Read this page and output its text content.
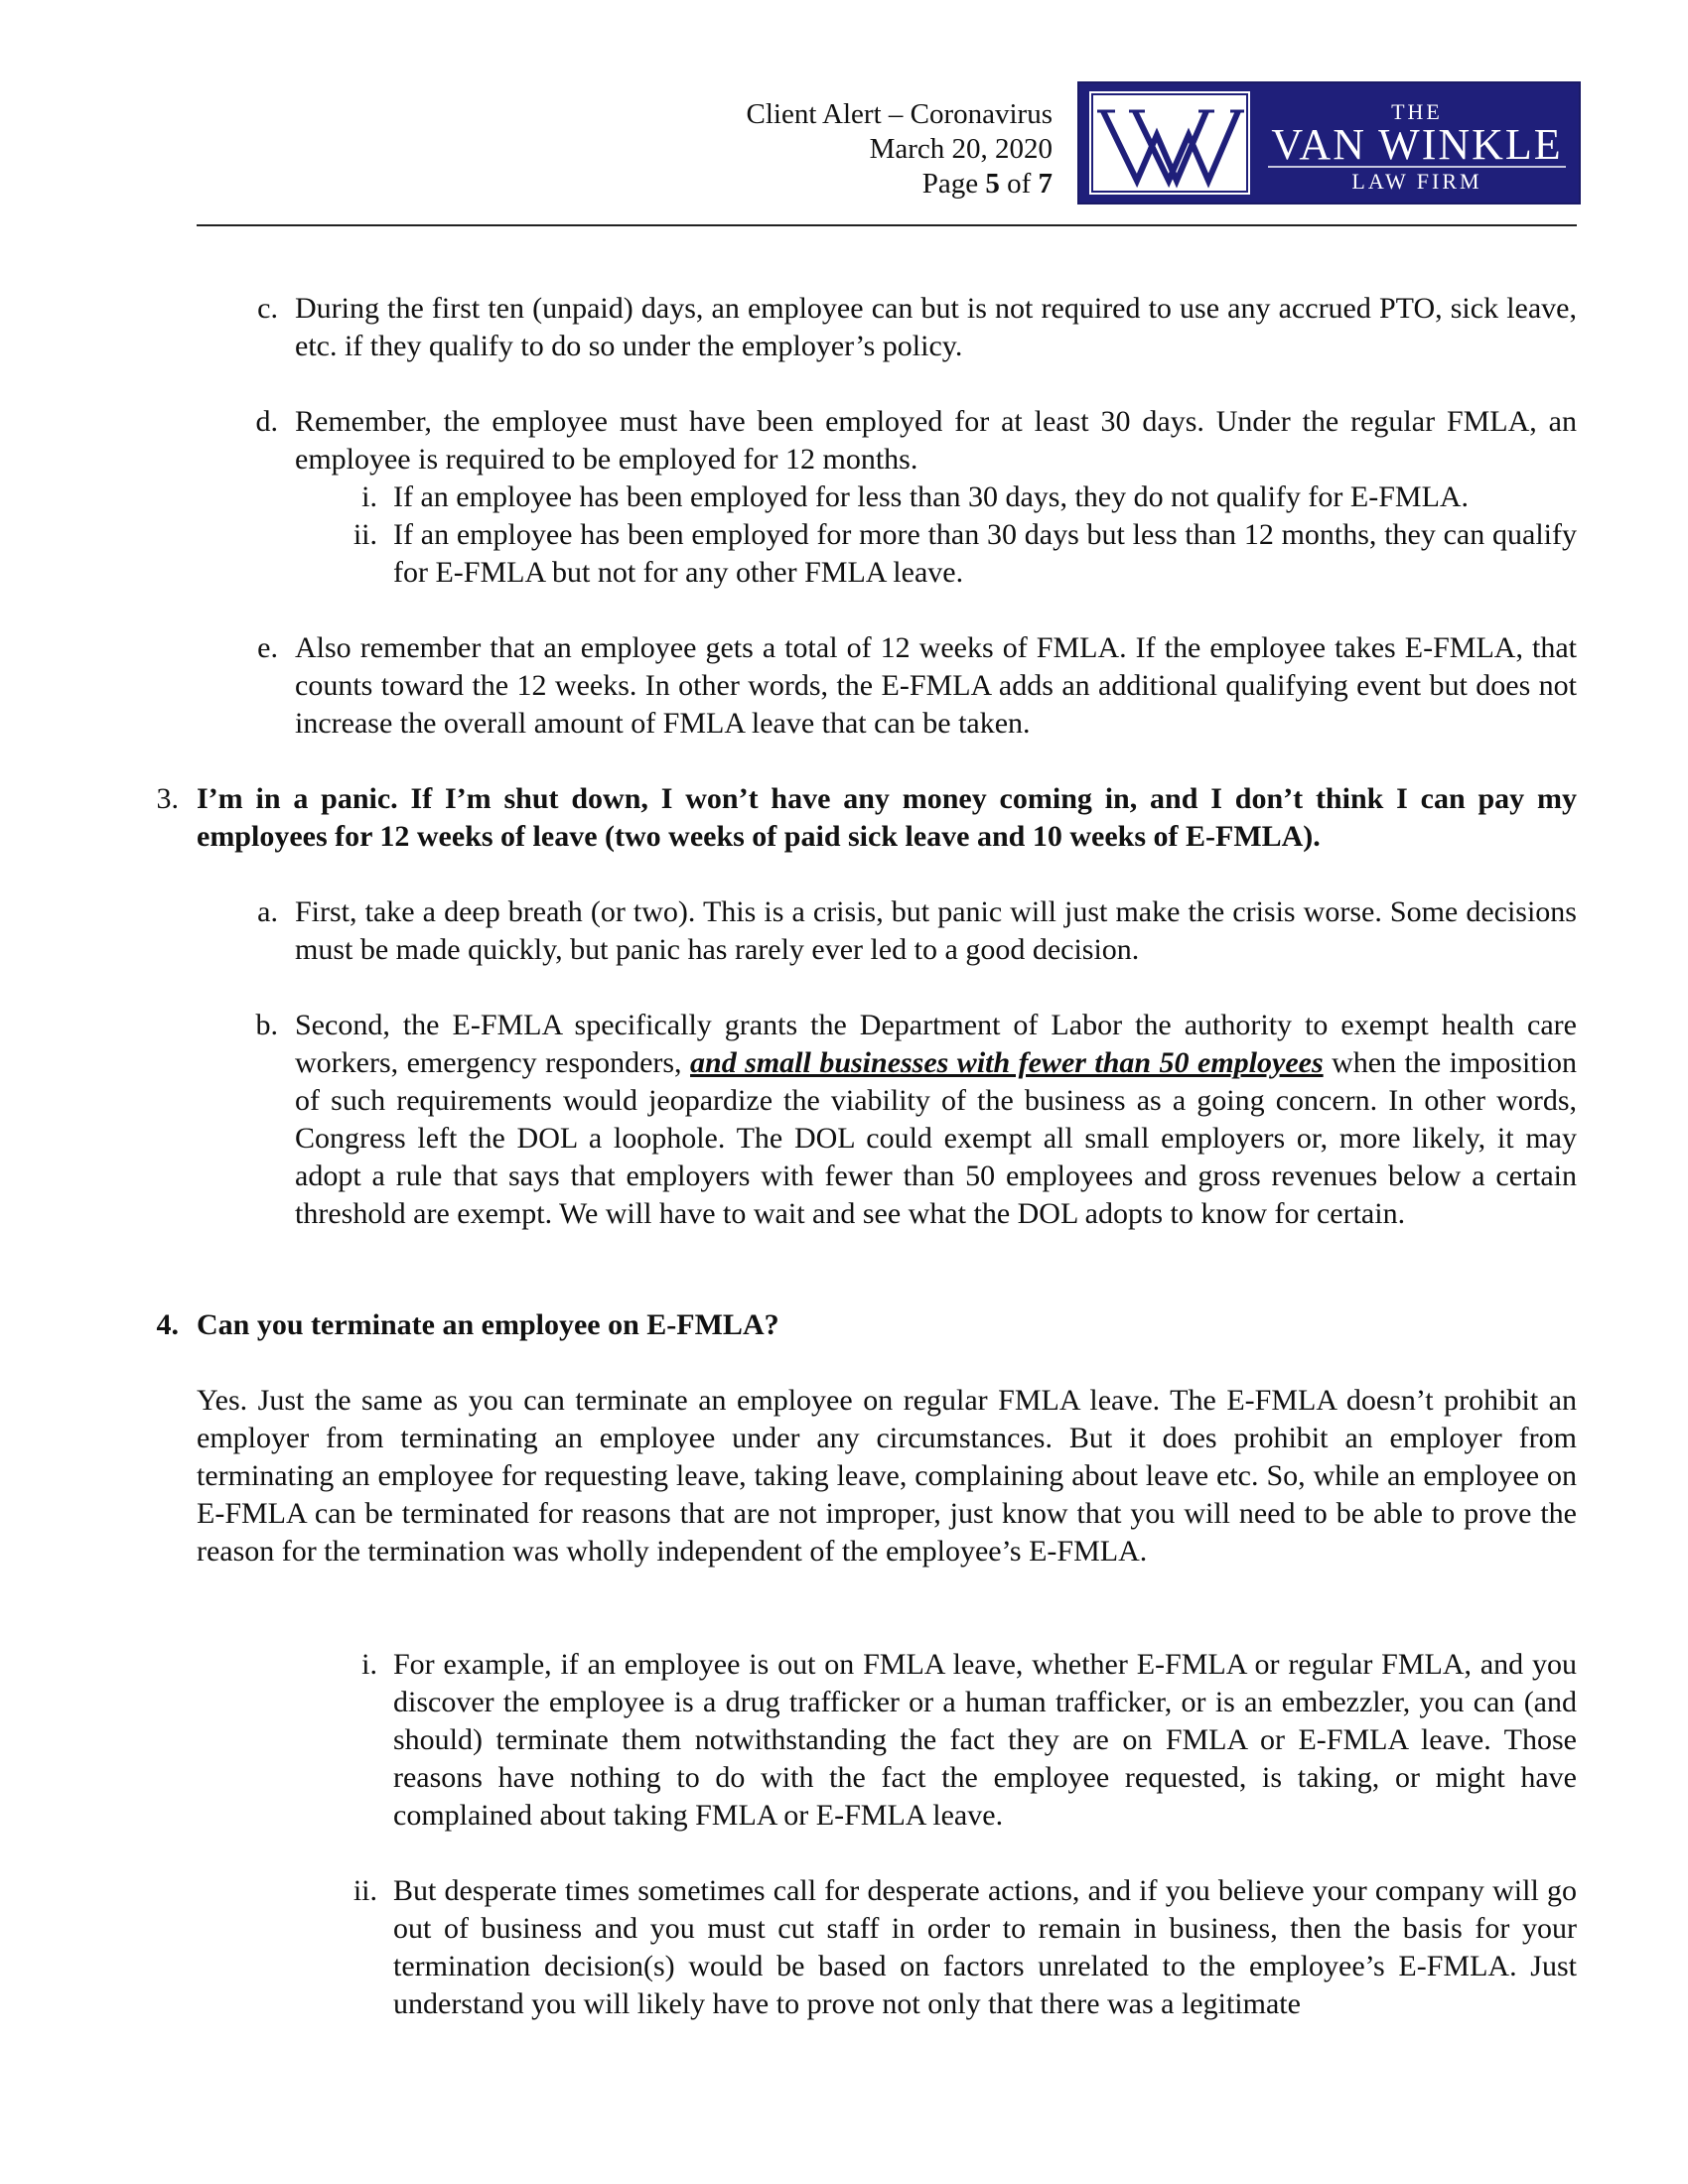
Client Alert – Coronavirus
March 20, 2020
Page 5 of 7
THE
VAN WINKLE
LAW FIRM
c. During the first ten (unpaid) days, an employee can but is not required to use any accrued PTO, sick leave, etc. if they qualify to do so under the employer’s policy.
d. Remember, the employee must have been employed for at least 30 days. Under the regular FMLA, an employee is required to be employed for 12 months.
i. If an employee has been employed for less than 30 days, they do not qualify for E-FMLA.
ii. If an employee has been employed for more than 30 days but less than 12 months, they can qualify for E-FMLA but not for any other FMLA leave.
e. Also remember that an employee gets a total of 12 weeks of FMLA. If the employee takes E-FMLA, that counts toward the 12 weeks. In other words, the E-FMLA adds an additional qualifying event but does not increase the overall amount of FMLA leave that can be taken.
3. I’m in a panic. If I’m shut down, I won’t have any money coming in, and I don’t think I can pay my employees for 12 weeks of leave (two weeks of paid sick leave and 10 weeks of E-FMLA).
a. First, take a deep breath (or two). This is a crisis, but panic will just make the crisis worse. Some decisions must be made quickly, but panic has rarely ever led to a good decision.
b. Second, the E-FMLA specifically grants the Department of Labor the authority to exempt health care workers, emergency responders, and small businesses with fewer than 50 employees when the imposition of such requirements would jeopardize the viability of the business as a going concern. In other words, Congress left the DOL a loophole. The DOL could exempt all small employers or, more likely, it may adopt a rule that says that employers with fewer than 50 employees and gross revenues below a certain threshold are exempt. We will have to wait and see what the DOL adopts to know for certain.
4. Can you terminate an employee on E-FMLA?
Yes. Just the same as you can terminate an employee on regular FMLA leave. The E-FMLA doesn’t prohibit an employer from terminating an employee under any circumstances. But it does prohibit an employer from terminating an employee for requesting leave, taking leave, complaining about leave etc. So, while an employee on E-FMLA can be terminated for reasons that are not improper, just know that you will need to be able to prove the reason for the termination was wholly independent of the employee’s E-FMLA.
i. For example, if an employee is out on FMLA leave, whether E-FMLA or regular FMLA, and you discover the employee is a drug trafficker or a human trafficker, or is an embezzler, you can (and should) terminate them notwithstanding the fact they are on FMLA or E-FMLA leave. Those reasons have nothing to do with the fact the employee requested, is taking, or might have complained about taking FMLA or E-FMLA leave.
ii. But desperate times sometimes call for desperate actions, and if you believe your company will go out of business and you must cut staff in order to remain in business, then the basis for your termination decision(s) would be based on factors unrelated to the employee’s E-FMLA. Just understand you will likely have to prove not only that there was a legitimate
